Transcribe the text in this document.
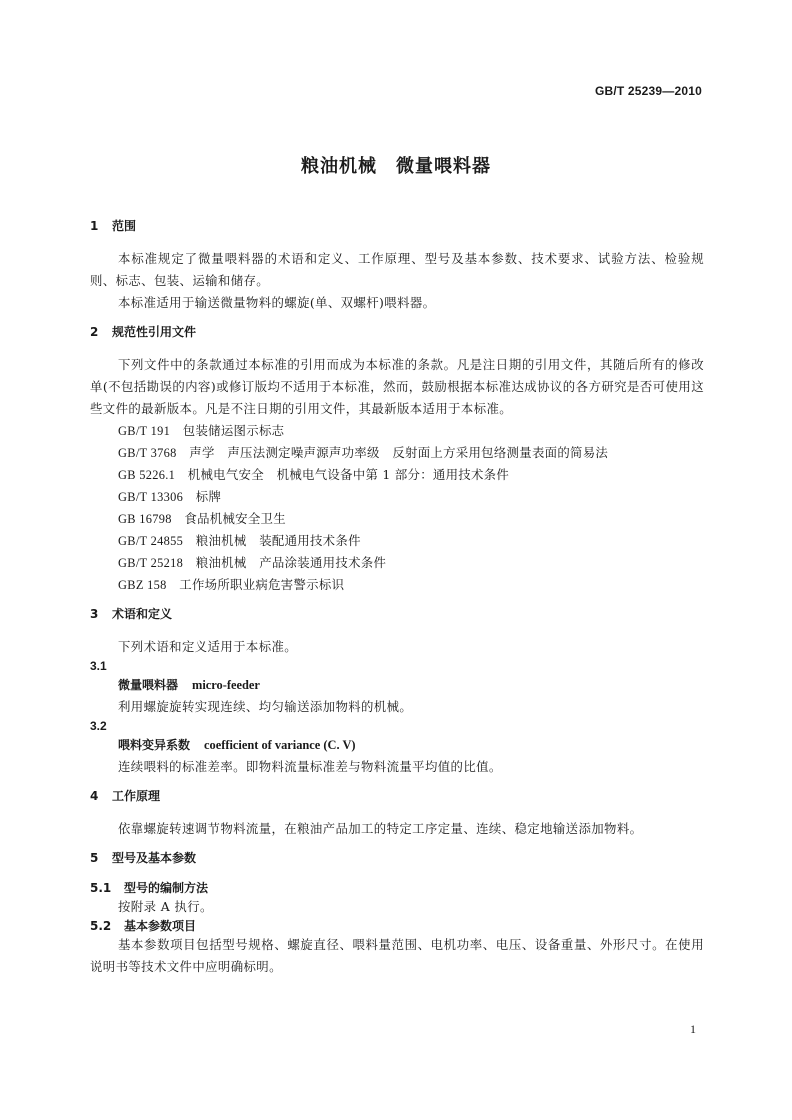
GB/T 25239—2010
粮油机械　微量喂料器
1 范围
本标准规定了微量喂料器的术语和定义、工作原理、型号及基本参数、技术要求、试验方法、检验规则、标志、包装、运输和储存。
本标准适用于输送微量物料的螺旋(单、双螺杆)喂料器。
2 规范性引用文件
下列文件中的条款通过本标准的引用而成为本标准的条款。凡是注日期的引用文件，其随后所有的修改单(不包括勘误的内容)或修订版均不适用于本标准，然而，鼓励根据本标准达成协议的各方研究是否可使用这些文件的最新版本。凡是不注日期的引用文件，其最新版本适用于本标准。
GB/T 191　 包装储运图示标志
GB/T 3768　 声学　声压法测定噪声源声功率级　反射面上方采用包络测量表面的简易法
GB 5226.1　 机械电气安全　机械电气设备中第 1 部分：通用技术条件
GB/T 13306　 标牌
GB 16798　 食品机械安全卫生
GB/T 24855　 粮油机械　装配通用技术条件
GB/T 25218　 粮油机械　产品涂装通用技术条件
GBZ 158　 工作场所职业病危害警示标识
3 术语和定义
下列术语和定义适用于本标准。
3.1
微量喂料器 micro-feeder
利用螺旋旋转实现连续、均匀输送添加物料的机械。
3.2
喂料变异系数 coefficient of variance (C. V)
连续喂料的标准差率。即物料流量标准差与物料流量平均值的比值。
4 工作原理
依靠螺旋转速调节物料流量，在粮油产品加工的特定工序定量、连续、稳定地输送添加物料。
5 型号及基本参数
5.1 型号的编制方法
按附录 A 执行。
5.2 基本参数项目
基本参数项目包括型号规格、螺旋直径、喂料量范围、电机功率、电压、设备重量、外形尺寸。在使用说明书等技术文件中应明确标明。
1
